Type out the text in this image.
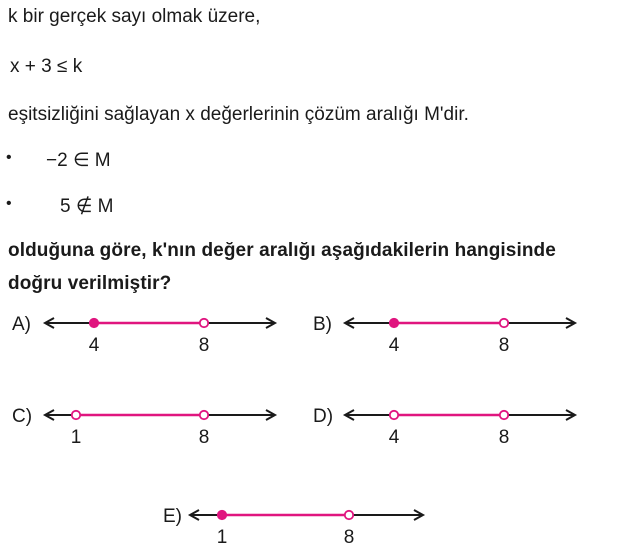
k bir gerçek sayı olmak üzere,
x + 3 ≤ k
eşitsizliğini sağlayan x değerlerinin çözüm aralığı M'dir.
• −2 ∈ M
•	5 ∉ M
olduğuna göre, k'nın değer aralığı aşağıdakilerin hangisinde
doğru verilmiştir?
A)
4	8
B)
4	8
C)
1	8
D)
4	8
E)
1	8
